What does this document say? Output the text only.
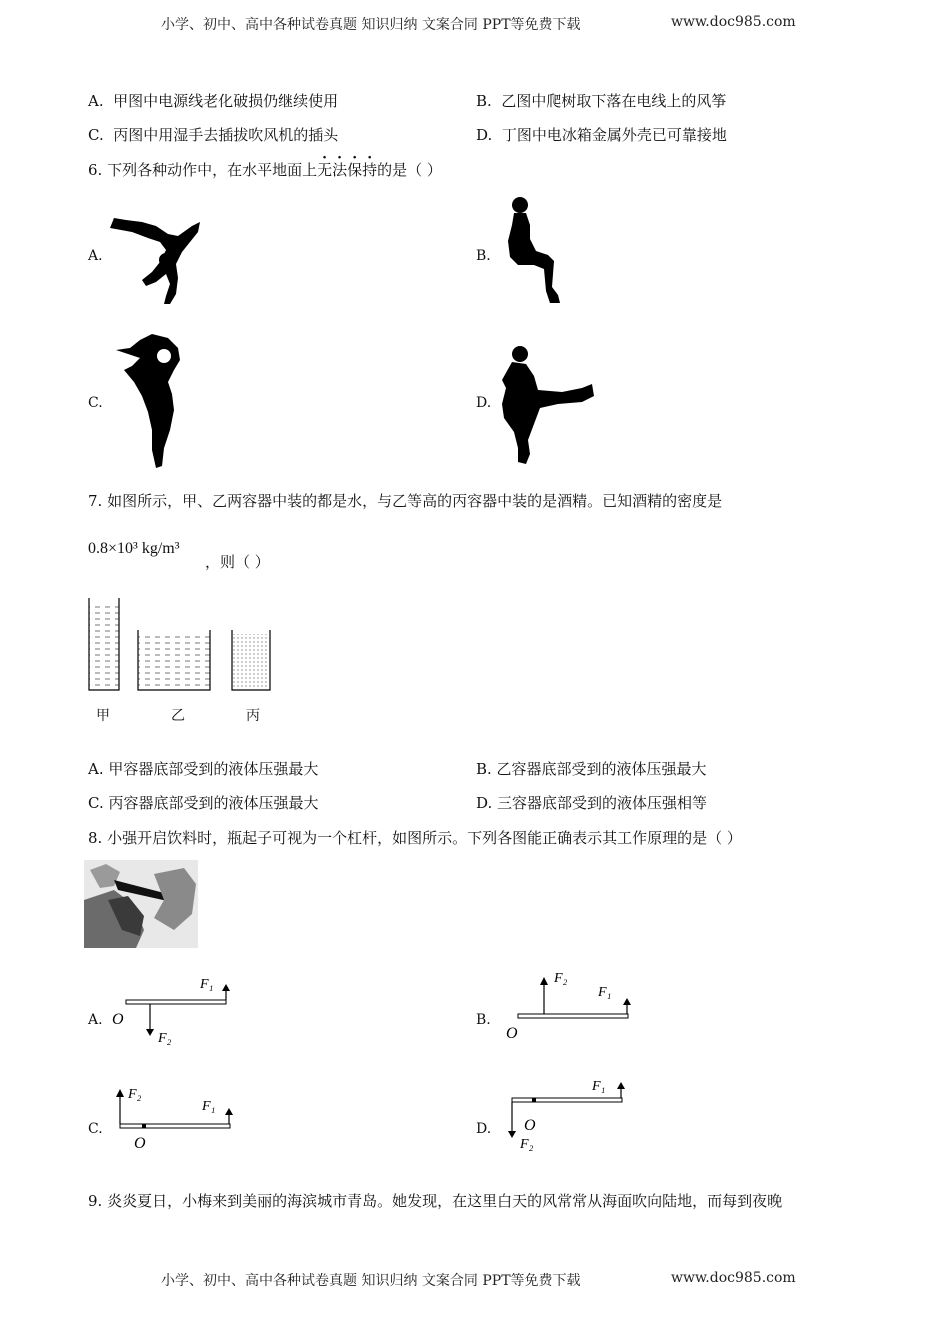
小学、初中、高中各种试卷真题 知识归纳 文案合同 PPT等免费下载	www.doc985.com
A. 甲图中电源线老化破损仍继续使用	B. 乙图中爬树取下落在电线上的风筝
C. 丙图中用湿手去插拔吹风机的插头	D. 丁图中电冰箱金属外壳已可靠接地
6. 下列各种动作中，在水平地面上无法保持的是（ ）
A.	B.
C.	D.
7. 如图所示，甲、乙两容器中装的都是水，与乙等高的丙容器中装的是酒精。已知酒精的密度是
0.8×10³ kg/m³
，则（ ）
甲	乙	丙
A. 甲容器底部受到的液体压强最大	B. 乙容器底部受到的液体压强最大
C. 丙容器底部受到的液体压强最大	D. 三容器底部受到的液体压强相等
8. 小强开启饮料时，瓶起子可视为一个杠杆，如图所示。下列各图能正确表示其工作原理的是（ ）
A.
F₁
F₂
O	B.
F₂
F₁
O
C.
F₂
F₁
O
D.
F₁
O
F₂
9. 炎炎夏日，小梅来到美丽的海滨城市青岛。她发现，在这里白天的风常常从海面吹向陆地，而每到夜晚
小学、初中、高中各种试卷真题 知识归纳 文案合同 PPT等免费下载	www.doc985.com
